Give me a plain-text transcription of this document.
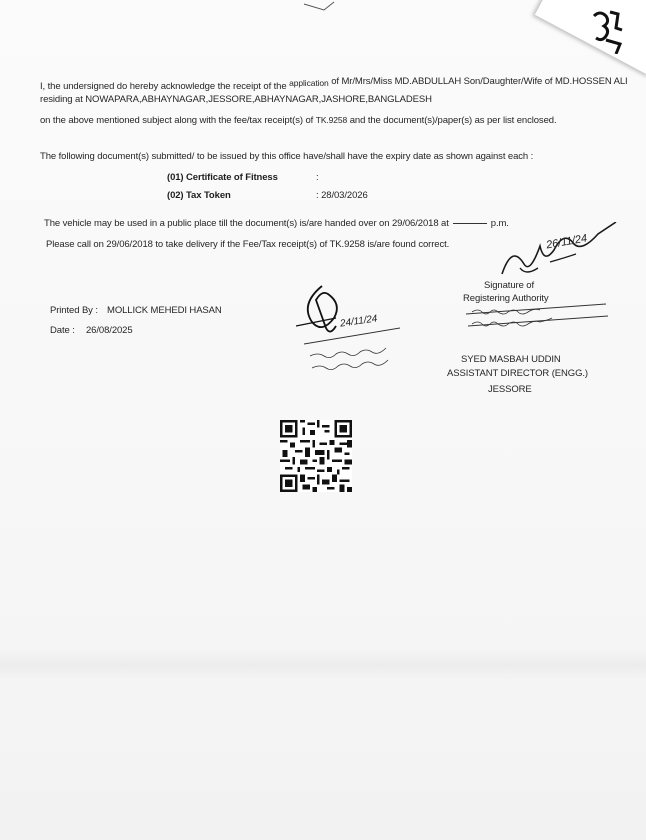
I, the undersigned do hereby acknowledge the receipt of the application of Mr/Mrs/Miss MD.ABDULLAH Son/Daughter/Wife of MD.HOSSEN ALI
residing at NOWAPARA,ABHAYNAGAR,JESSORE,ABHAYNAGAR,JASHORE,BANGLADESH
on the above mentioned subject along with the fee/tax receipt(s) of TK.9258 and the document(s)/paper(s) as per list enclosed.
The following document(s) submitted/ to be issued by this office have/shall have the expiry date as shown against each :
(01) Certificate of Fitness	:
(02) Tax Token	: 28/03/2026
The vehicle may be used in a public place till the document(s) is/are handed over on 29/06/2018 at	p.m.
Please call on 29/06/2018 to take delivery if the Fee/Tax receipt(s) of TK.9258 is/are found correct.	26/11/24
Signature of
Registering Authority
SYED MASBAH UDDIN
ASSISTANT DIRECTOR (ENGG.)
JESSORE
Printed By : MOLLICK MEHEDI HASAN
Date : 26/08/2025
24/11/24
